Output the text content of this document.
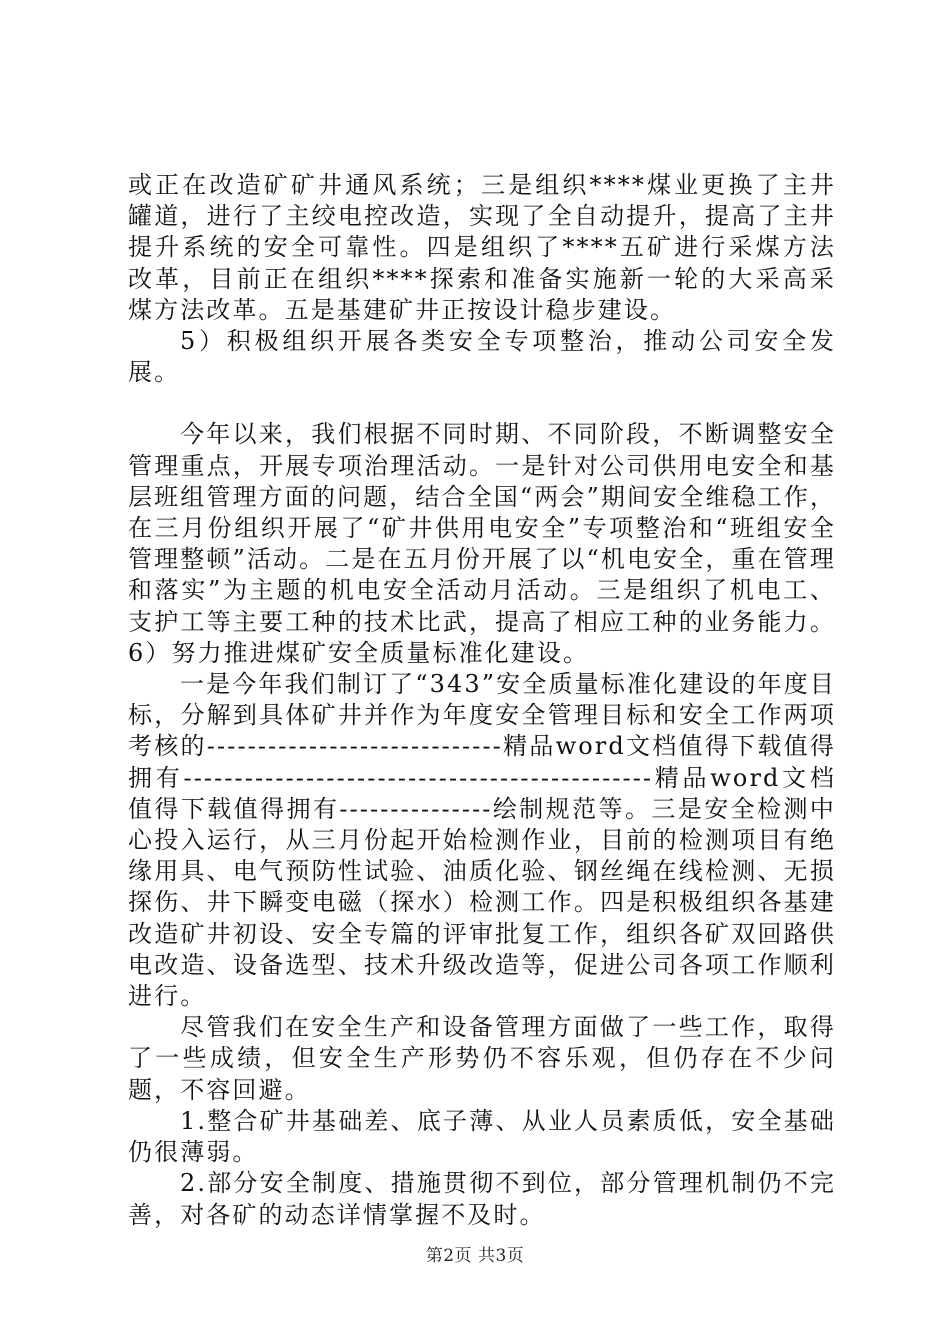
或正在改造矿矿井通风系统；三是组织****煤业更换了主井罐道，进行了主绞电控改造，实现了全自动提升，提高了主井提升系统的安全可靠性。四是组织了****五矿进行采煤方法改革，目前正在组织****探索和准备实施新一轮的大采高采煤方法改革。五是基建矿井正按设计稳步建设。

5）积极组织开展各类安全专项整治，推动公司安全发展。

今年以来，我们根据不同时期、不同阶段，不断调整安全管理重点，开展专项治理活动。一是针对公司供用电安全和基层班组管理方面的问题，结合全国“两会”期间安全维稳工作，在三月份组织开展了“矿井供用电安全”专项整治和“班组安全管理整顿”活动。二是在五月份开展了以“机电安全，重在管理和落实”为主题的机电安全活动月活动。三是组织了机电工、支护工等主要工种的技术比武，提高了相应工种的业务能力。6）努力推进煤矿安全质量标准化建设。

一是今年我们制订了“343”安全质量标准化建设的年度目标，分解到具体矿井并作为年度安全管理目标和安全工作两项考核的-----------------------------精品word文档值得下载值得拥有----------------------------------------------精品word文档值得下载值得拥有---------------绘制规范等。三是安全检测中心投入运行，从三月份起开始检测作业，目前的检测项目有绝缘用具、电气预防性试验、油质化验、钢丝绳在线检测、无损探伤、井下瞬变电磁（探水）检测工作。四是积极组织各基建改造矿井初设、安全专篇的评审批复工作，组织各矿双回路供电改造、设备选型、技术升级改造等，促进公司各项工作顺利进行。

尽管我们在安全生产和设备管理方面做了一些工作，取得了一些成绩，但安全生产形势仍不容乐观，但仍存在不少问题，不容回避。

1.整合矿井基础差、底子薄、从业人员素质低，安全基础仍很薄弱。

2.部分安全制度、措施贯彻不到位，部分管理机制仍不完善，对各矿的动态详情掌握不及时。

第2页 共3页
